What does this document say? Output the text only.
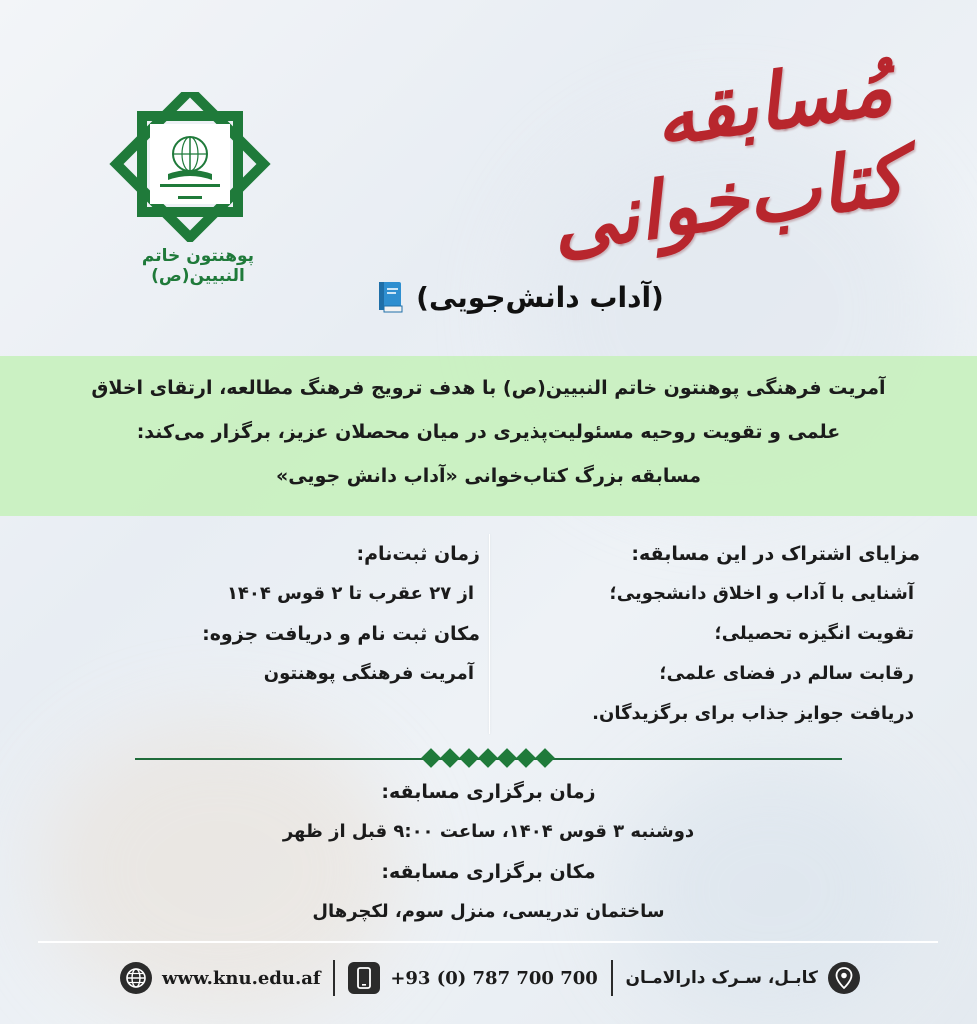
پوهنتون خاتم النبیین(ص)
مُسابقه کتاب‌خوانی
(آداب دانش‌جویی)
آمریت فرهنگی پوهنتون خاتم النبیین(ص) با هدف ترویج فرهنگ مطالعه، ارتقای اخلاق
علمی و تقویت روحیه مسئولیت‌پذیری در میان محصلان عزیز، برگزار می‌کند:
مسابقه بزرگ کتاب‌خوانی «آداب دانش جویی»
مزایای اشتراک در این مسابقه:
آشنایی با آداب و اخلاق دانشجویی؛
تقویت انگیزه تحصیلی؛
رقابت سالم در فضای علمی؛
دریافت جوایز جذاب برای برگزیدگان.
زمان ثبت‌نام:
از ۲۷ عقرب تا ۲ قوس ۱۴۰۴
مکان ثبت نام و دریافت جزوه:
آمریت فرهنگی پوهنتون
زمان برگزاری مسابقه:
دوشنبه ۳ قوس ۱۴۰۴، ساعت ۹:۰۰ قبل از ظهر
مکان برگزاری مسابقه:
ساختمان تدریسی، منزل سوم، لکچرهال
www.knu.edu.af	+93 (0) 787 700 700 کابـل، سـرک دارالامـان
